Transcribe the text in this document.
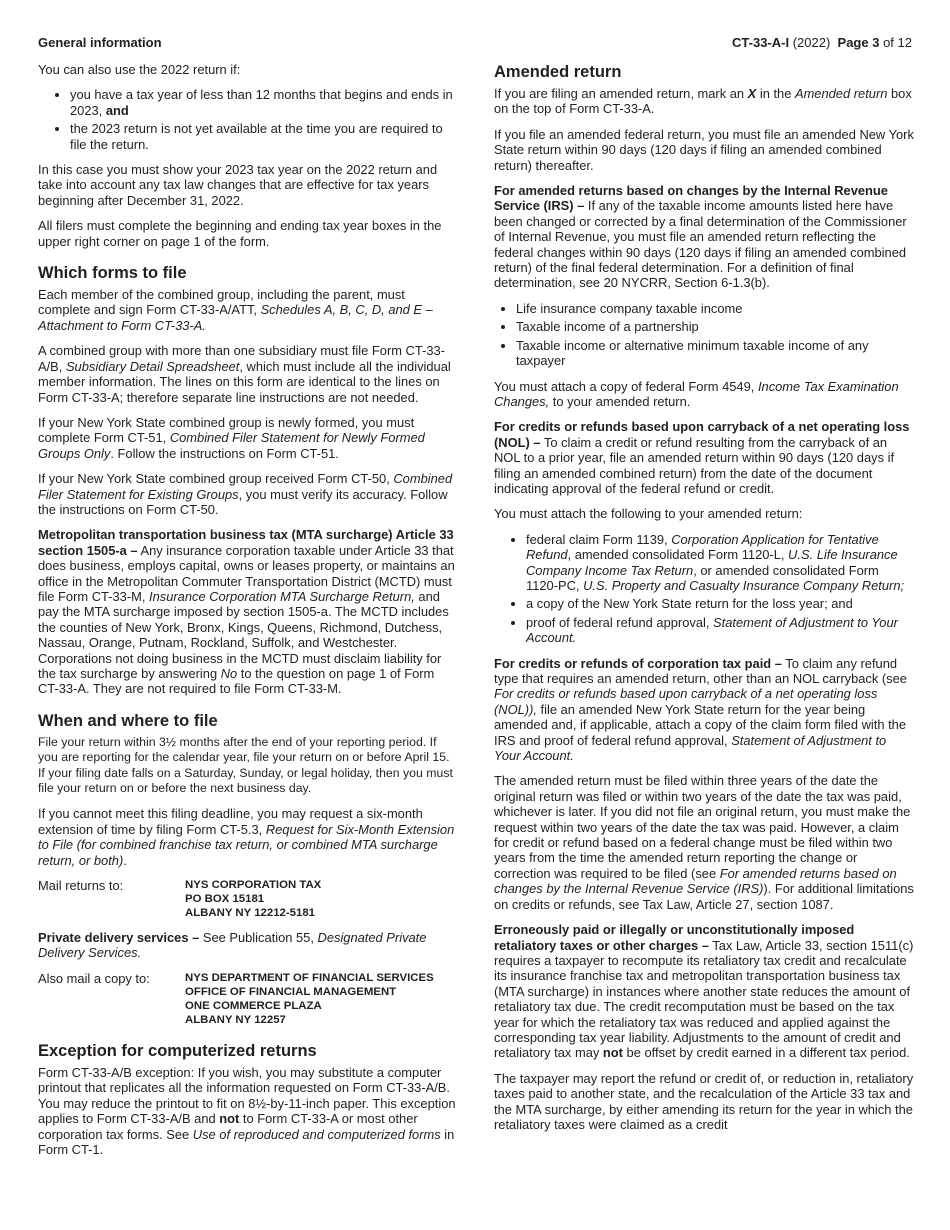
General information	CT-33-A-I (2022) Page 3 of 12

You can also use the 2022 return if:

• you have a tax year of less than 12 months that begins and ends in 2023, and
• the 2023 return is not yet available at the time you are required to file the return.

In this case you must show your 2023 tax year on the 2022 return and take into account any tax law changes that are effective for tax years beginning after December 31, 2022.

All filers must complete the beginning and ending tax year boxes in the upper right corner on page 1 of the form.

Which forms to file

Each member of the combined group, including the parent, must complete and sign Form CT-33-A/ATT, Schedules A, B, C, D, and E – Attachment to Form CT-33-A.

A combined group with more than one subsidiary must file Form CT-33-A/B, Subsidiary Detail Spreadsheet, which must include all the individual member information. The lines on this form are identical to the lines on Form CT-33-A; therefore separate line instructions are not needed.

If your New York State combined group is newly formed, you must complete Form CT-51, Combined Filer Statement for Newly Formed Groups Only. Follow the instructions on Form CT-51.

If your New York State combined group received Form CT-50, Combined Filer Statement for Existing Groups, you must verify its accuracy. Follow the instructions on Form CT-50.

Metropolitan transportation business tax (MTA surcharge) Article 33 section 1505-a – Any insurance corporation taxable under Article 33 that does business, employs capital, owns or leases property, or maintains an office in the Metropolitan Commuter Transportation District (MCTD) must file Form CT-33-M, Insurance Corporation MTA Surcharge Return, and pay the MTA surcharge imposed by section 1505-a. The MCTD includes the counties of New York, Bronx, Kings, Queens, Richmond, Dutchess, Nassau, Orange, Putnam, Rockland, Suffolk, and Westchester. Corporations not doing business in the MCTD must disclaim liability for the tax surcharge by answering No to the question on page 1 of Form CT-33-A. They are not required to file Form CT-33-M.

When and where to file

File your return within 3½ months after the end of your reporting period. If you are reporting for the calendar year, file your return on or before April 15. If your filing date falls on a Saturday, Sunday, or legal holiday, then you must file your return on or before the next business day.

If you cannot meet this filing deadline, you may request a six-month extension of time by filing Form CT-5.3, Request for Six-Month Extension to File (for combined franchise tax return, or combined MTA surcharge return, or both).

Mail returns to:	NYS CORPORATION TAX
PO BOX 15181
ALBANY NY 12212-5181

Private delivery services – See Publication 55, Designated Private Delivery Services.

Also mail a copy to:	NYS DEPARTMENT OF FINANCIAL SERVICES
OFFICE OF FINANCIAL MANAGEMENT
ONE COMMERCE PLAZA
ALBANY NY 12257
Exception for computerized returns

Form CT-33-A/B exception: If you wish, you may substitute a computer printout that replicates all the information requested on Form CT-33-A/B. You may reduce the printout to fit on 8½-by-11-inch paper. This exception applies to Form CT-33-A/B and not to Form CT-33-A or most other corporation tax forms. See Use of reproduced and computerized forms in Form CT-1.

Amended return

If you are filing an amended return, mark an X in the Amended return box on the top of Form CT-33-A.

If you file an amended federal return, you must file an amended New York State return within 90 days (120 days if filing an amended combined return) thereafter.

For amended returns based on changes by the Internal Revenue Service (IRS) – If any of the taxable income amounts listed here have been changed or corrected by a final determination of the Commissioner of Internal Revenue, you must file an amended return reflecting the federal changes within 90 days (120 days if filing an amended combined return) of the final federal determination. For a definition of final determination, see 20 NYCRR, Section 6-1.3(b).

• Life insurance company taxable income
• Taxable income of a partnership
• Taxable income or alternative minimum taxable income of any taxpayer

You must attach a copy of federal Form 4549, Income Tax Examination Changes, to your amended return.

For credits or refunds based upon carryback of a net operating loss (NOL) – To claim a credit or refund resulting from the carryback of an NOL to a prior year, file an amended return within 90 days (120 days if filing an amended combined return) from the date of the document indicating approval of the federal refund or credit.

You must attach the following to your amended return:

• federal claim Form 1139, Corporation Application for Tentative Refund, amended consolidated Form 1120-L, U.S. Life Insurance Company Income Tax Return, or amended consolidated Form 1120-PC, U.S. Property and Casualty Insurance Company Return;
• a copy of the New York State return for the loss year; and
• proof of federal refund approval, Statement of Adjustment to Your Account.

For credits or refunds of corporation tax paid – To claim any refund type that requires an amended return, other than an NOL carryback (see For credits or refunds based upon carryback of a net operating loss (NOL)), file an amended New York State return for the year being amended and, if applicable, attach a copy of the claim form filed with the IRS and proof of federal refund approval, Statement of Adjustment to Your Account.

The amended return must be filed within three years of the date the original return was filed or within two years of the date the tax was paid, whichever is later. If you did not file an original return, you must make the request within two years of the date the tax was paid. However, a claim for credit or refund based on a federal change must be filed within two years from the time the amended return reporting the change or correction was required to be filed (see For amended returns based on changes by the Internal Revenue Service (IRS)). For additional limitations on credits or refunds, see Tax Law, Article 27, section 1087.

Erroneously paid or illegally or unconstitutionally imposed retaliatory taxes or other charges – Tax Law, Article 33, section 1511(c) requires a taxpayer to recompute its retaliatory tax credit and recalculate its insurance franchise tax and metropolitan transportation business tax (MTA surcharge) in instances where another state reduces the amount of retaliatory tax due. The credit recomputation must be based on the tax year for which the retaliatory tax was reduced and applied against the corresponding tax year liability. Adjustments to the amount of credit and retaliatory tax may not be offset by credit earned in a different tax period.

The taxpayer may report the refund or credit of, or reduction in, retaliatory taxes paid to another state, and the recalculation of the Article 33 tax and the MTA surcharge, by either amending its return for the year in which the retaliatory taxes were claimed as a credit
